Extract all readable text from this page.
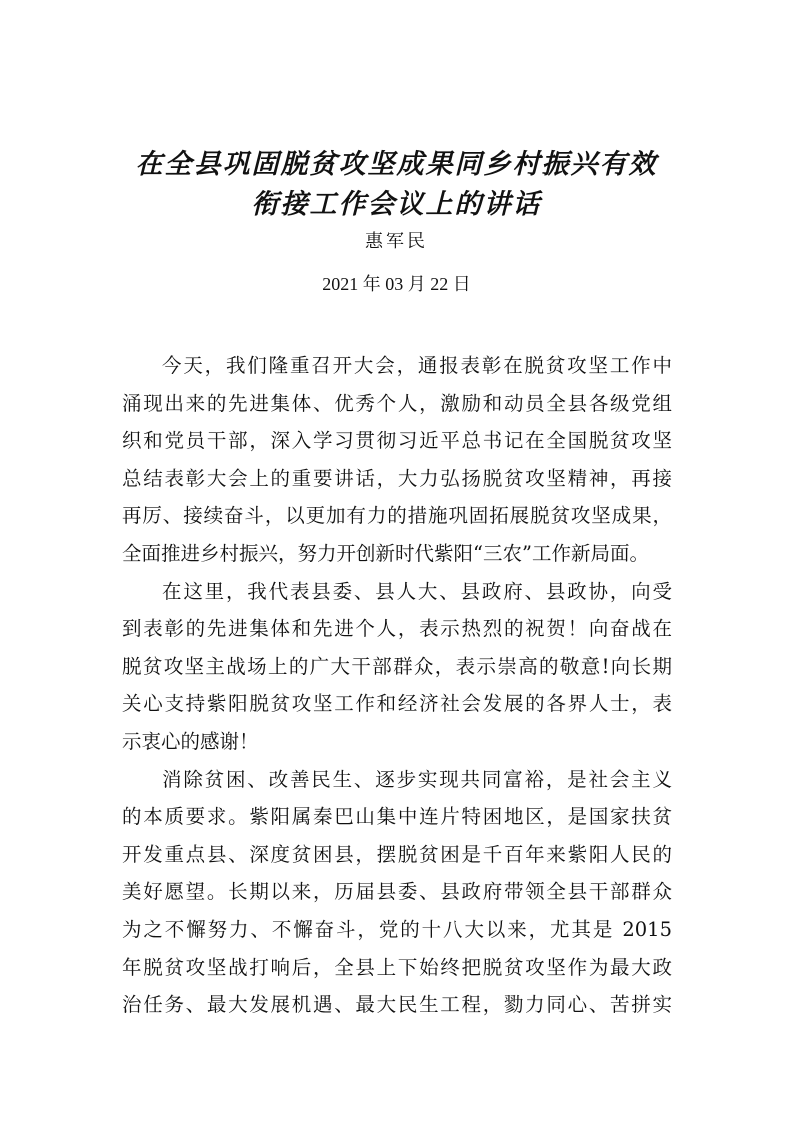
在全县巩固脱贫攻坚成果同乡村振兴有效
衔接工作会议上的讲话
惠军民
2021 年 03 月 22 日
今天，我们隆重召开大会，通报表彰在脱贫攻坚工作中
涌现出来的先进集体、优秀个人，激励和动员全县各级党组
织和党员干部，深入学习贯彻习近平总书记在全国脱贫攻坚
总结表彰大会上的重要讲话，大力弘扬脱贫攻坚精神，再接
再厉、接续奋斗，以更加有力的措施巩固拓展脱贫攻坚成果，
全面推进乡村振兴，努力开创新时代紫阳“三农”工作新局面。
在这里，我代表县委、县人大、县政府、县政协，向受
到表彰的先进集体和先进个人，表示热烈的祝贺！向奋战在
脱贫攻坚主战场上的广大干部群众，表示崇高的敬意!向长期
关心支持紫阳脱贫攻坚工作和经济社会发展的各界人士，表
示衷心的感谢！
消除贫困、改善民生、逐步实现共同富裕，是社会主义
的本质要求。紫阳属秦巴山集中连片特困地区，是国家扶贫
开发重点县、深度贫困县，摆脱贫困是千百年来紫阳人民的
美好愿望。长期以来，历届县委、县政府带领全县干部群众
为之不懈努力、不懈奋斗，党的十八大以来，尤其是 2015
年脱贫攻坚战打响后，全县上下始终把脱贫攻坚作为最大政
治任务、最大发展机遇、最大民生工程，勠力同心、苦拼实
